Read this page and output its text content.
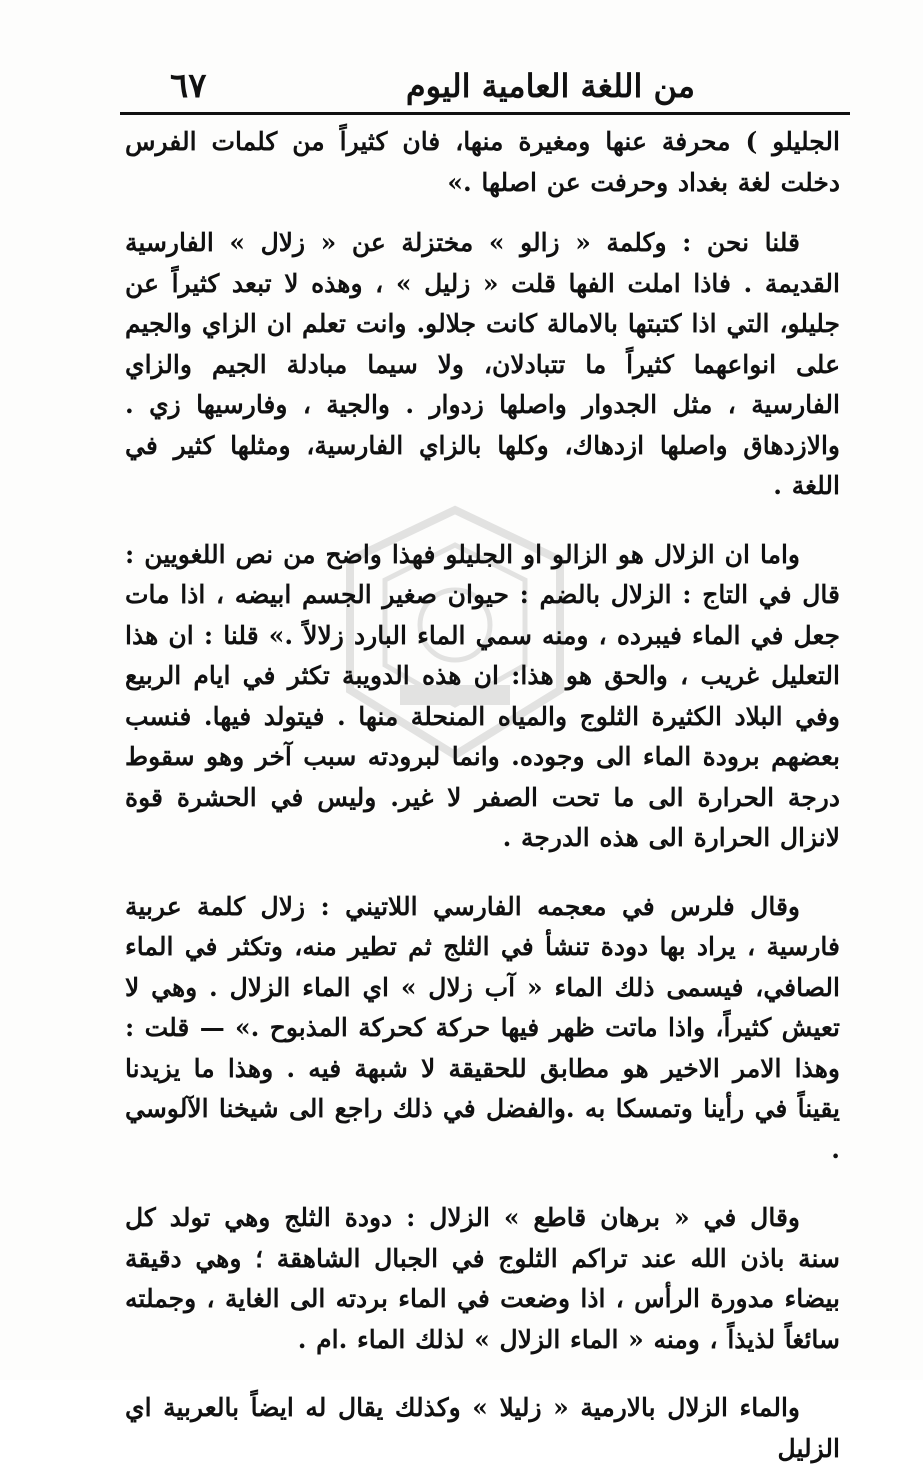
من اللغة العامية اليوم
٦٧

الجليلو ) محرفة عنها ومغيرة منها، فان كثيراً من كلمات الفرس دخلت لغة بغداد وحرفت عن اصلها .»

قلنا نحن : وكلمة « زالو » مختزلة عن « زلال » الفارسية القديمة . فاذا املت الفها قلت « زليل » ، وهذه لا تبعد كثيراً عن جليلو، التي اذا كتبتها بالامالة كانت جلالو. وانت تعلم ان الزاي والجيم على انواعهما كثيراً ما تتبادلان، ولا سيما مبادلة الجيم والزاي الفارسية ، مثل الجدوار واصلها زدوار . والجية ، وفارسيها زي . والازدهاق واصلها ازدهاك، وكلها بالزاي الفارسية، ومثلها كثير في اللغة .

واما ان الزلال هو الزالو او الجليلو فهذا واضح من نص اللغويين : قال في التاج : الزلال بالضم : حيوان صغير الجسم ابيضه ، اذا مات جعل في الماء فيبرده ، ومنه سمي الماء البارد زلالاً .» قلنا : ان هذا التعليل غريب ، والحق هو هذا: ان هذه الدويبة تكثر في ايام الربيع وفي البلاد الكثيرة الثلوج والمياه المنحلة منها . فيتولد فيها. فنسب بعضهم برودة الماء الى وجوده. وانما لبرودته سبب آخر وهو سقوط درجة الحرارة الى ما تحت الصفر لا غير. وليس في الحشرة قوة لانزال الحرارة الى هذه الدرجة .

وقال فلرس في معجمه الفارسي اللاتيني : زلال كلمة عربية فارسية ، يراد بها دودة تنشأ في الثلج ثم تطير منه، وتكثر في الماء الصافي، فيسمى ذلك الماء « آب زلال » اي الماء الزلال . وهي لا تعيش كثيراً، واذا ماتت ظهر فيها حركة كحركة المذبوح .» — قلت : وهذا الامر الاخير هو مطابق للحقيقة لا شبهة فيه . وهذا ما يزيدنا يقيناً في رأينا وتمسكا به .والفضل في ذلك راجع الى شيخنا الآلوسي .

وقال في « برهان قاطع » الزلال : دودة الثلج وهي تولد كل سنة باذن الله عند تراكم الثلوج في الجبال الشاهقة ؛ وهي دقيقة بيضاء مدورة الرأس ، اذا وضعت في الماء بردته الى الغاية ، وجملته سائغاً لذيذاً ، ومنه « الماء الزلال » لذلك الماء .ام .

والماء الزلال بالارمية « زليلا » وكذلك يقال له ايضاً بالعربية اي الزليل
